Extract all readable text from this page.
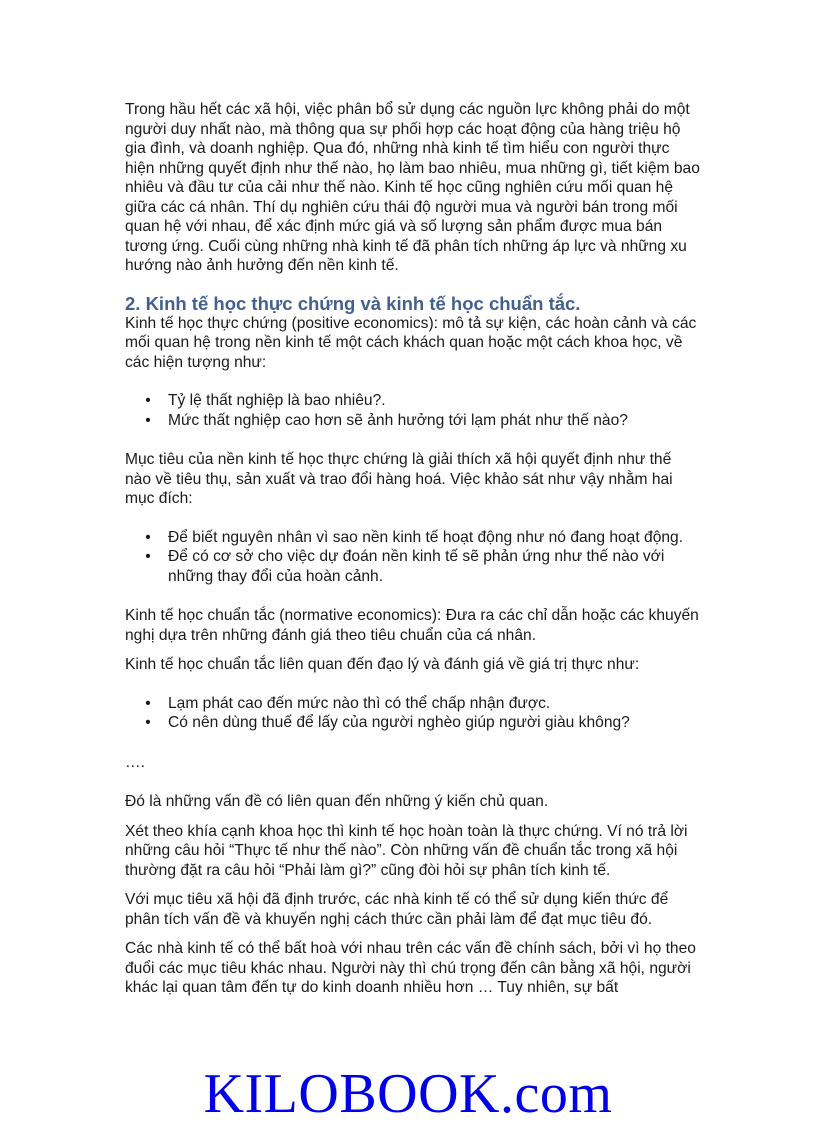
Trong hầu hết các xã hội, việc phân bổ sử dụng các nguồn lực không phải do một người duy nhất nào, mà thông qua sự phối hợp các hoạt động của hàng triệu hộ gia đình, và doanh nghiệp. Qua đó, những nhà kinh tế tìm hiểu con người thực hiện những quyết định như thế nào, họ làm bao nhiêu, mua những gì, tiết kiệm bao nhiêu và đầu tư của cải như thế nào. Kinh tế học cũng nghiên cứu mối quan hệ giữa các cá nhân. Thí dụ nghiên cứu thái độ người mua và người bán trong mối quan hệ với nhau, để xác định mức giá và số lượng sản phẩm được mua bán tương ứng. Cuối cùng những nhà kinh tế đã phân tích những áp lực và những xu hướng nào ảnh hưởng đến nền kinh tế.

2. Kinh tế học thực chứng và kinh tế học chuẩn tắc.

Kinh tế học thực chứng (positive economics): mô tả sự kiện, các hoàn cảnh và các mối quan hệ trong nền kinh tế một cách khách quan hoặc một cách khoa học, về các hiện tượng như:

• Tỷ lệ thất nghiệp là bao nhiêu?.
• Mức thất nghiệp cao hơn sẽ ảnh hưởng tới lạm phát như thế nào?

Mục tiêu của nền kinh tế học thực chứng là giải thích xã hội quyết định như thế nào về tiêu thụ, sản xuất và trao đổi hàng hoá. Việc khảo sát như vậy nhằm hai mục đích:

• Để biết nguyên nhân vì sao nền kinh tế hoạt động như nó đang hoạt động.
• Để có cơ sở cho việc dự đoán nền kinh tế sẽ phản ứng như thế nào với những thay đổi của hoàn cảnh.

Kinh tế học chuẩn tắc (normative economics): Đưa ra các chỉ dẫn hoặc các khuyến nghị dựa trên những đánh giá theo tiêu chuẩn của cá nhân.

Kinh tế học chuẩn tắc liên quan đến đạo lý và đánh giá về giá trị thực như:

• Lạm phát cao đến mức nào thì có thể chấp nhận được.
• Có nên dùng thuế để lấy của người nghèo giúp người giàu không?

….

Đó là những vấn đề có liên quan đến những ý kiến chủ quan.

Xét theo khía cạnh khoa học thì kinh tế học hoàn toàn là thực chứng. Ví nó trả lời những câu hỏi “Thực tế như thế nào”. Còn những vấn đề chuẩn tắc trong xã hội thường đặt ra câu hỏi “Phải làm gì?” cũng đòi hỏi sự phân tích kinh tế.

Với mục tiêu xã hội đã định trước, các nhà kinh tế có thể sử dụng kiến thức để phân tích vấn đề và khuyến nghị cách thức cần phải làm để đạt mục tiêu đó.

Các nhà kinh tế có thể bất hoà với nhau trên các vấn đề chính sách, bởi vì họ theo đuổi các mục tiêu khác nhau. Người này thì chú trọng đến cân bằng xã hội, người khác lại quan tâm đến tự do kinh doanh nhiều hơn … Tuy nhiên, sự bất

KILOBOOK.com
